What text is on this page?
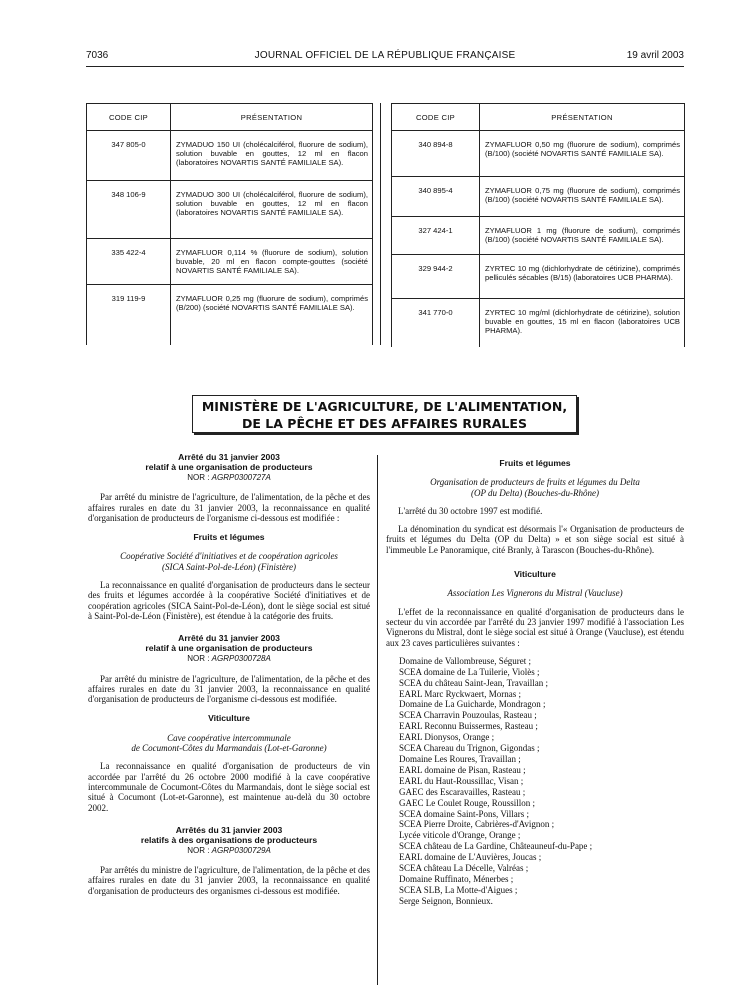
7036	JOURNAL OFFICIEL DE LA RÉPUBLIQUE FRANÇAISE	19 avril 2003
CODE CIP	PRÉSENTATION
347 805-0	ZYMADUO 150 UI (cholécalciférol, fluorure de sodium), solution buvable en gouttes, 12 ml en flacon (laboratoires NOVARTIS SANTÉ FAMILIALE SA).
348 106-9	ZYMADUO 300 UI (cholécalciférol, fluorure de sodium), solution buvable en gouttes, 12 ml en flacon (laboratoires NOVARTIS SANTÉ FAMILIALE SA).
335 422-4	ZYMAFLUOR 0,114 % (fluorure de sodium), solution buvable, 20 ml en flacon compte-gouttes (société NOVARTIS SANTÉ FAMILIALE SA).
319 119-9	ZYMAFLUOR 0,25 mg (fluorure de sodium), comprimés (B/200) (société NOVARTIS SANTÉ FAMILIALE SA).
CODE CIP	PRÉSENTATION
340 894-8	ZYMAFLUOR 0,50 mg (fluorure de sodium), comprimés (B/100) (société NOVARTIS SANTÉ FAMILIALE SA).
340 895-4	ZYMAFLUOR 0,75 mg (fluorure de sodium), comprimés (B/100) (société NOVARTIS SANTÉ FAMILIALE SA).
327 424-1	ZYMAFLUOR 1 mg (fluorure de sodium), comprimés (B/100) (société NOVARTIS SANTÉ FAMILIALE SA).
329 944-2	ZYRTEC 10 mg (dichlorhydrate de cétirizine), comprimés pelliculés sécables (B/15) (laboratoires UCB PHARMA).
341 770-0	ZYRTEC 10 mg/ml (dichlorhydrate de cétirizine), solution buvable en gouttes, 15 ml en flacon (laboratoires UCB PHARMA).
MINISTÈRE DE L'AGRICULTURE, DE L'ALIMENTATION,
DE LA PÊCHE ET DES AFFAIRES RURALES

Arrêté du 31 janvier 2003

relatif à une organisation de producteurs

NOR : AGRP0300727A

Par arrêté du ministre de l'agriculture, de l'alimentation, de la pêche et des affaires rurales en date du 31 janvier 2003, la reconnaissance en qualité d'organisation de producteurs de l'organisme ci-dessous est modifiée :

Fruits et légumes
Coopérative Société d'initiatives et de coopération agricoles
(SICA Saint-Pol-de-Léon) (Finistère)

La reconnaissance en qualité d'organisation de producteurs dans le secteur des fruits et légumes accordée à la coopérative Société d'initiatives et de coopération agricoles (SICA Saint-Pol-de-Léon), dont le siège social est situé à Saint-Pol-de-Léon (Finistère), est étendue à la catégorie des fruits.

Arrêté du 31 janvier 2003

relatif à une organisation de producteurs

NOR : AGRP0300728A

Par arrêté du ministre de l'agriculture, de l'alimentation, de la pêche et des affaires rurales en date du 31 janvier 2003, la reconnaissance en qualité d'organisation de producteurs de l'organisme ci-dessous est modifiée.

Viticulture
Cave coopérative intercommunale
de Cocumont-Côtes du Marmandais (Lot-et-Garonne)

La reconnaissance en qualité d'organisation de producteurs de vin accordée par l'arrêté du 26 octobre 2000 modifié à la cave coopérative intercommunale de Cocumont-Côtes du Marmandais, dont le siège social est situé à Cocumont (Lot-et-Garonne), est maintenue au-delà du 30 octobre 2002.

Arrêtés du 31 janvier 2003

relatifs à des organisations de producteurs

NOR : AGRP0300729A

Par arrêtés du ministre de l'agriculture, de l'alimentation, de la pêche et des affaires rurales en date du 31 janvier 2003, la reconnaissance en qualité d'organisation de producteurs des organismes ci-dessous est modifiée.

Fruits et légumes
Organisation de producteurs de fruits et légumes du Delta
(OP du Delta) (Bouches-du-Rhône)

L'arrêté du 30 octobre 1997 est modifié.

La dénomination du syndicat est désormais l'« Organisation de producteurs de fruits et légumes du Delta (OP du Delta) » et son siège social est situé à l'immeuble Le Panoramique, cité Branly, à Tarascon (Bouches-du-Rhône).

Viticulture
Association Les Vignerons du Mistral (Vaucluse)

L'effet de la reconnaissance en qualité d'organisation de producteurs dans le secteur du vin accordée par l'arrêté du 23 janvier 1997 modifié à l'association Les Vignerons du Mistral, dont le siège social est situé à Orange (Vaucluse), est étendu aux 23 caves particulières suivantes :

Domaine de Vallombreuse, Séguret ;
SCEA domaine de La Tuilerie, Violès ;
SCEA du château Saint-Jean, Travaillan ;
EARL Marc Ryckwaert, Mornas ;
Domaine de La Guicharde, Mondragon ;
SCEA Charravin Pouzoulas, Rasteau ;
EARL Reconnu Buissermes, Rasteau ;
EARL Dionysos, Orange ;
SCEA Chareau du Trignon, Gigondas ;
Domaine Les Roures, Travaillan ;
EARL domaine de Pisan, Rasteau ;
EARL du Haut-Roussillac, Visan ;
GAEC des Escaravailles, Rasteau ;
GAEC Le Coulet Rouge, Roussillon ;
SCEA domaine Saint-Pons, Villars ;
SCEA Pierre Droite, Cabrières-d'Avignon ;
Lycée viticole d'Orange, Orange ;
SCEA château de La Gardine, Châteauneuf-du-Pape ;
EARL domaine de L'Auvières, Joucas ;
SCEA château La Décelle, Valréas ;
Domaine Ruffinato, Ménerbes ;
SCEA SLB, La Motte-d'Aigues ;
Serge Seignon, Bonnieux.
